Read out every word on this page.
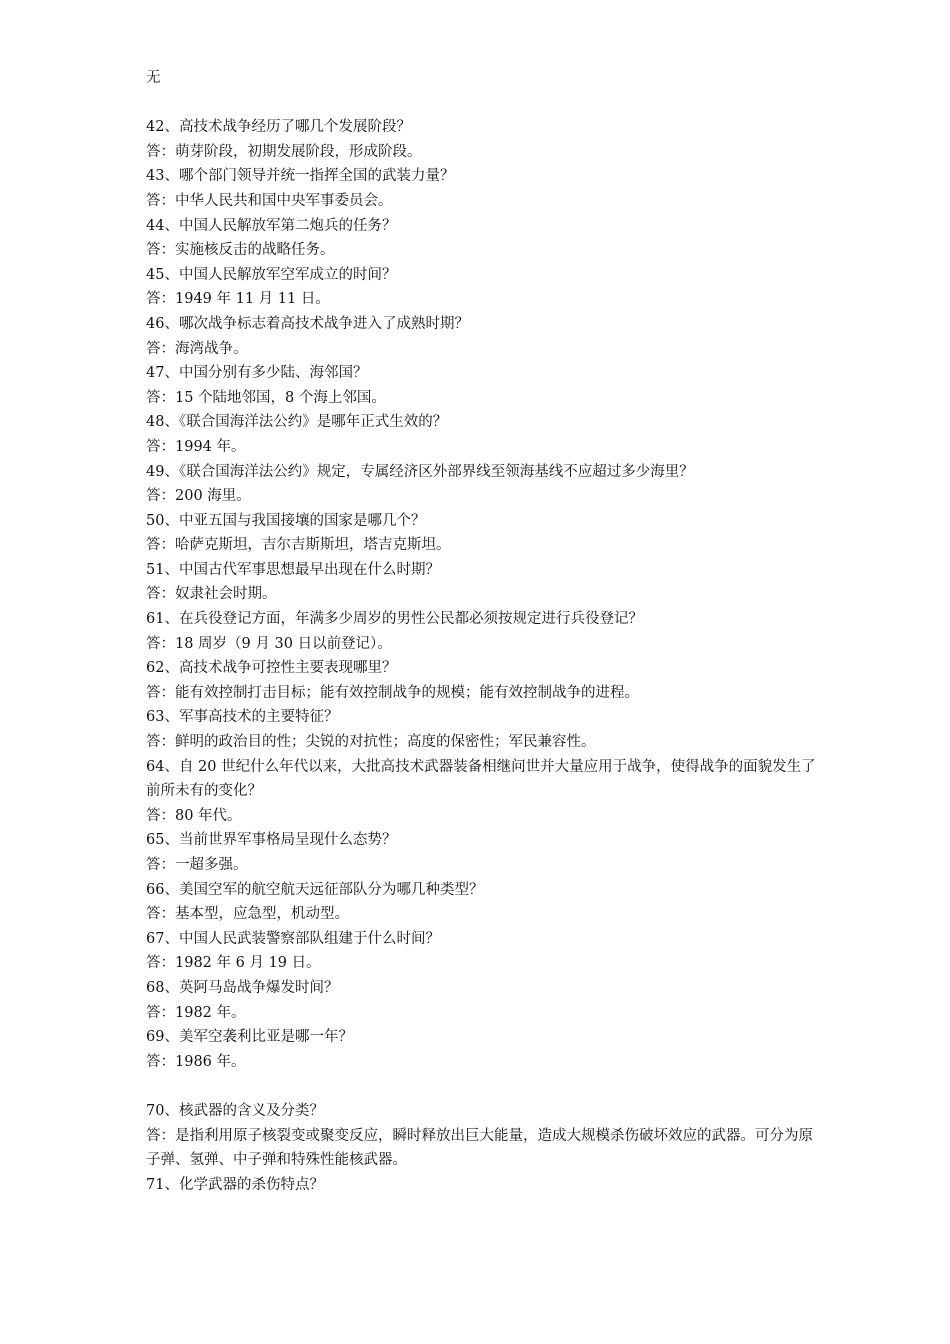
无

42、高技术战争经历了哪几个发展阶段？

答：萌芽阶段，初期发展阶段，形成阶段。

43、哪个部门领导并统一指挥全国的武装力量？

答：中华人民共和国中央军事委员会。

44、中国人民解放军第二炮兵的任务？

答：实施核反击的战略任务。

45、中国人民解放军空军成立的时间？

答：1949 年 11 月 11 日。

46、哪次战争标志着高技术战争进入了成熟时期？

答：海湾战争。

47、中国分别有多少陆、海邻国？

答：15 个陆地邻国，8 个海上邻国。

48、《联合国海洋法公约》是哪年正式生效的？

答：1994 年。

49、《联合国海洋法公约》规定，专属经济区外部界线至领海基线不应超过多少海里？

答：200 海里。

50、中亚五国与我国接壤的国家是哪几个？

答：哈萨克斯坦，吉尔吉斯斯坦，塔吉克斯坦。

51、中国古代军事思想最早出现在什么时期？

答：奴隶社会时期。

61、在兵役登记方面，年满多少周岁的男性公民都必须按规定进行兵役登记？

答：18 周岁（9 月 30 日以前登记）。

62、高技术战争可控性主要表现哪里？

答：能有效控制打击目标；能有效控制战争的规模；能有效控制战争的进程。

63、军事高技术的主要特征？

答：鲜明的政治目的性；尖锐的对抗性；高度的保密性；军民兼容性。

64、自 20 世纪什么年代以来，大批高技术武器装备相继问世并大量应用于战争，使得战争的面貌发生了前所未有的变化？

答：80 年代。

65、当前世界军事格局呈现什么态势？

答：一超多强。

66、美国空军的航空航天远征部队分为哪几种类型？

答：基本型，应急型，机动型。

67、中国人民武装警察部队组建于什么时间？

答：1982 年 6 月 19 日。

68、英阿马岛战争爆发时间？

答：1982 年。

69、美军空袭利比亚是哪一年？

答：1986 年。

70、核武器的含义及分类？

答：是指利用原子核裂变或聚变反应，瞬时释放出巨大能量，造成大规模杀伤破坏效应的武器。可分为原子弹、氢弹、中子弹和特殊性能核武器。

71、化学武器的杀伤特点？
